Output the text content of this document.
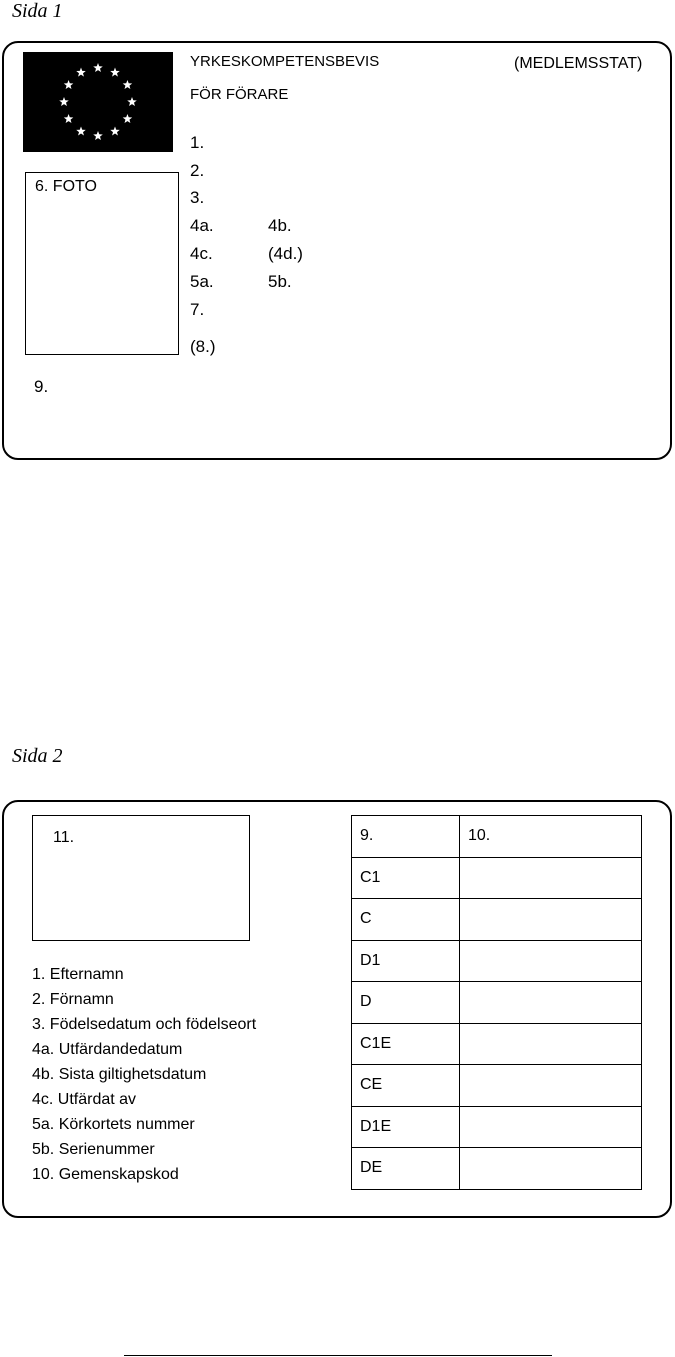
Sida 1
YRKESKOMPETENSBEVIS
FÖR FÖRARE
(MEDLEMSSTAT)
1.
2.
3.
4a.	4b.
4c.	(4d.)
5a.	5b.
7.
(8.)
6. FOTO
9.
Sida 2
11.
1. Efternamn
2. Förnamn
3. Födelsedatum och födelseort
4a. Utfärdandedatum
4b. Sista giltighetsdatum
4c. Utfärdat av
5a. Körkortets nummer
5b. Serienummer
10. Gemenskapskod
9.	10.
C1	
C	
D1	
D	
C1E	
CE	
D1E	
DE	
